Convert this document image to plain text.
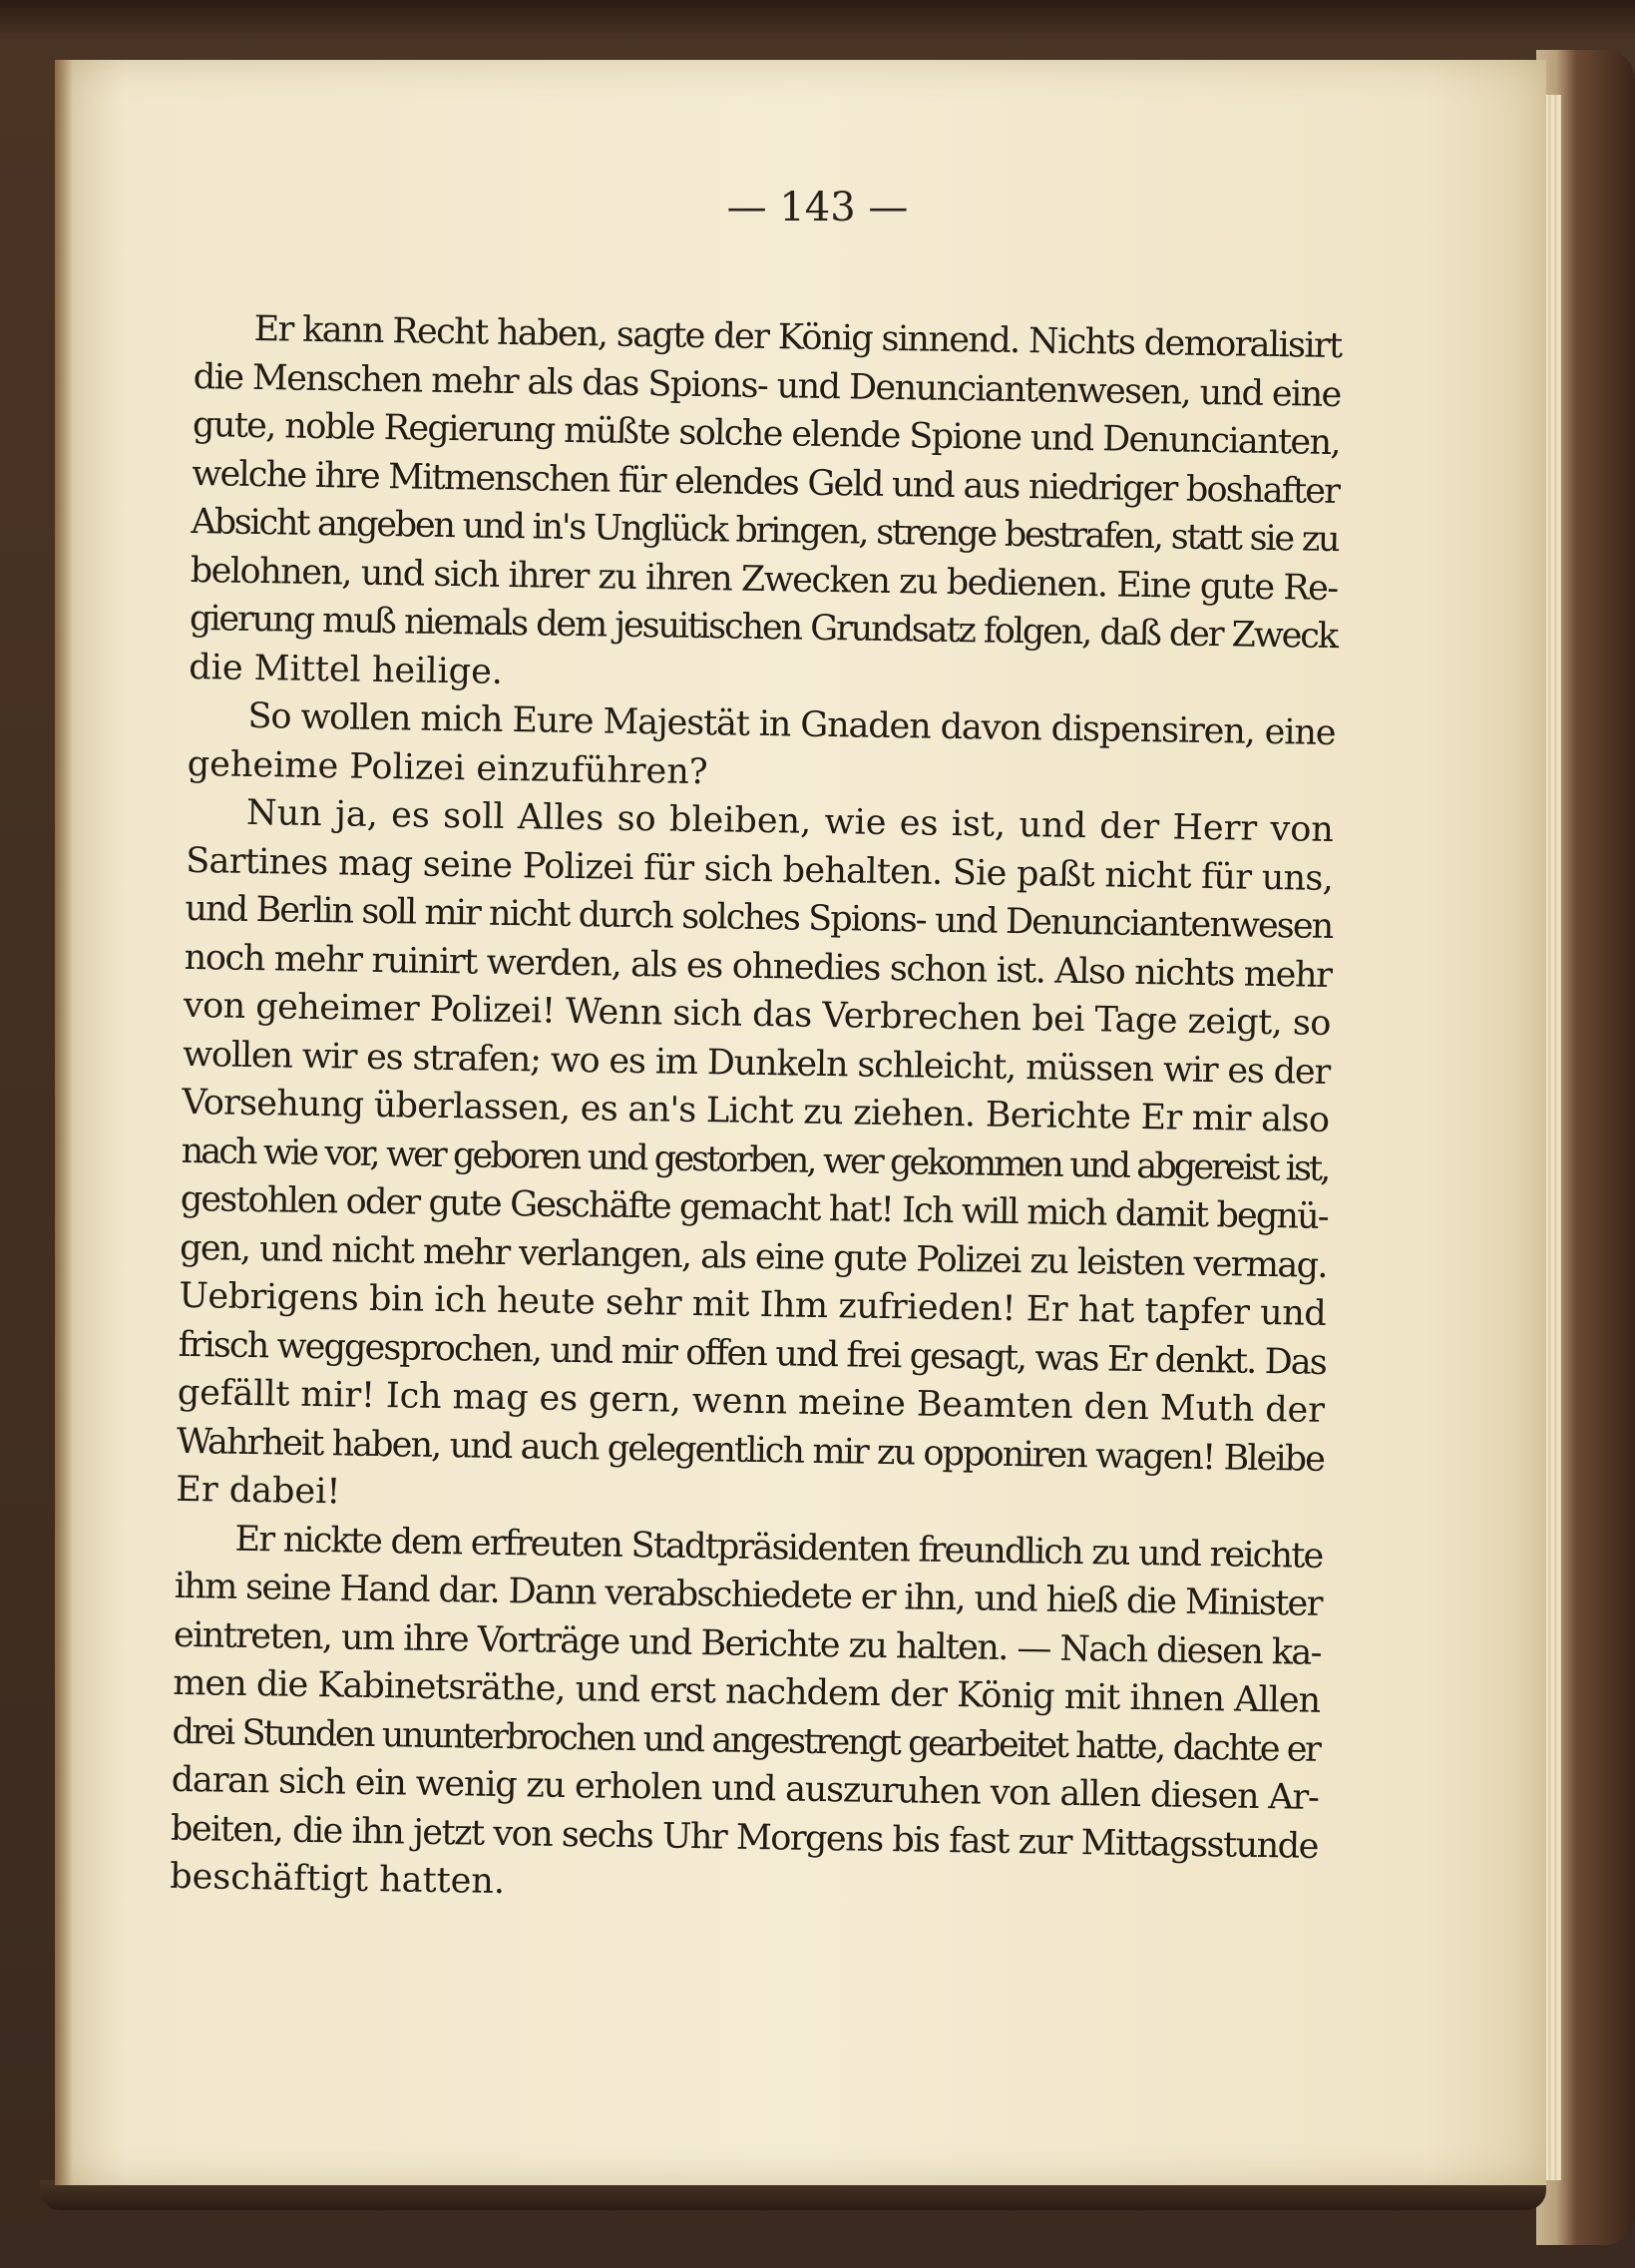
— 143 —
Er kann Recht haben, sagte der König sinnend. Nichts demoralisirt
die Menschen mehr als das Spions- und Denunciantenwesen, und eine
gute, noble Regierung müßte solche elende Spione und Denuncianten,
welche ihre Mitmenschen für elendes Geld und aus niedriger boshafter
Absicht angeben und in's Unglück bringen, strenge bestrafen, statt sie zu
belohnen, und sich ihrer zu ihren Zwecken zu bedienen. Eine gute Re-
gierung muß niemals dem jesuitischen Grundsatz folgen, daß der Zweck
die Mittel heilige.
So wollen mich Eure Majestät in Gnaden davon dispensiren, eine
geheime Polizei einzuführen?
Nun ja, es soll Alles so bleiben, wie es ist, und der Herr von
Sartines mag seine Polizei für sich behalten. Sie paßt nicht für uns,
und Berlin soll mir nicht durch solches Spions- und Denunciantenwesen
noch mehr ruinirt werden, als es ohnedies schon ist. Also nichts mehr
von geheimer Polizei! Wenn sich das Verbrechen bei Tage zeigt, so
wollen wir es strafen; wo es im Dunkeln schleicht, müssen wir es der
Vorsehung überlassen, es an's Licht zu ziehen. Berichte Er mir also
nach wie vor, wer geboren und gestorben, wer gekommen und abgereist ist,
gestohlen oder gute Geschäfte gemacht hat! Ich will mich damit begnü-
gen, und nicht mehr verlangen, als eine gute Polizei zu leisten vermag.
Uebrigens bin ich heute sehr mit Ihm zufrieden! Er hat tapfer und
frisch weggesprochen, und mir offen und frei gesagt, was Er denkt. Das
gefällt mir! Ich mag es gern, wenn meine Beamten den Muth der
Wahrheit haben, und auch gelegentlich mir zu opponiren wagen! Bleibe
Er dabei!
Er nickte dem erfreuten Stadtpräsidenten freundlich zu und reichte
ihm seine Hand dar. Dann verabschiedete er ihn, und hieß die Minister
eintreten, um ihre Vorträge und Berichte zu halten. — Nach diesen ka-
men die Kabinetsräthe, und erst nachdem der König mit ihnen Allen
drei Stunden ununterbrochen und angestrengt gearbeitet hatte, dachte er
daran sich ein wenig zu erholen und auszuruhen von allen diesen Ar-
beiten, die ihn jetzt von sechs Uhr Morgens bis fast zur Mittagsstunde
beschäftigt hatten.
